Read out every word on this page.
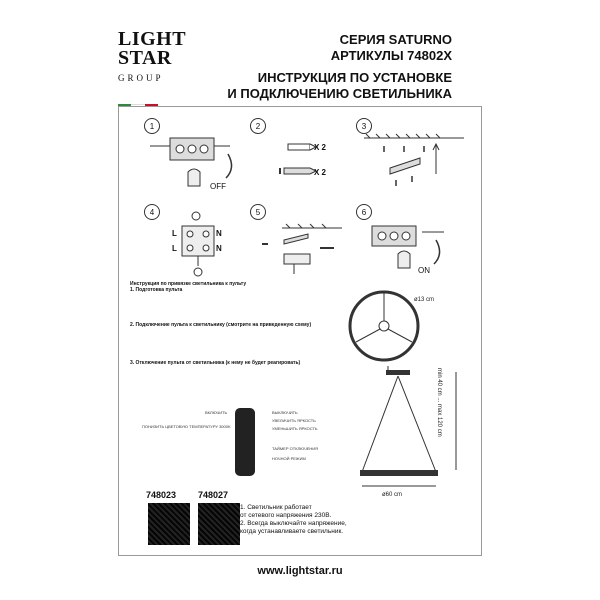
LIGHT
STAR
GROUP
СЕРИЯ SATURNO
АРТИКУЛЫ 74802X
ИНСТРУКЦИЯ ПО УСТАНОВКЕ
И ПОДКЛЮЧЕНИЮ СВЕТИЛЬНИКА
1
OFF
2
X 2
X 2
3
4
L	N
L	N
5	6
ON
Инструкция по привязке светильника к пульту
1. Подготовка пульта
2. Подключение пульта к светильнику (смотрите на приведенную схему)
3. Отключение пульта от светильника (к нему не будет реагировать)
ВКЛЮЧИТЬ	ВЫКЛЮЧИТЬ
УВЕЛИЧИТЬ ЯРКОСТЬ
УМЕНЬШИТЬ ЯРКОСТЬ
ПОНИЗИТЬ ЦВЕТОВУЮ ТЕМПЕРАТУРУ 3000K
ТАЙМЕР ОТКЛЮЧЕНИЯ
НОЧНОЙ РЕЖИМ
ø13 cm
ø60 cm
min 40 cm ... max 120 cm
748023 748027
1. Светильник работает
от сетевого напряжения 230В.
2. Всегда выключайте напряжение,
когда устанавливаете светильник.
www.lightstar.ru
